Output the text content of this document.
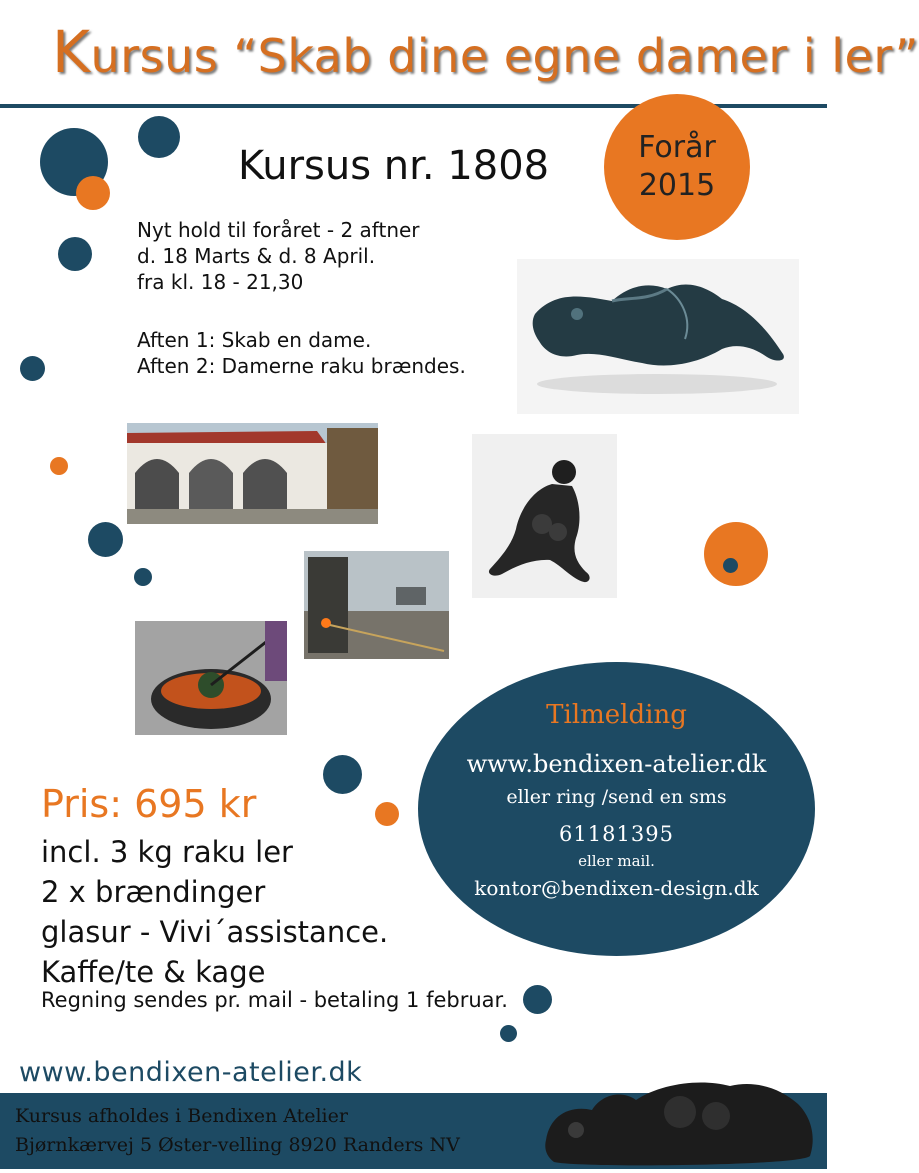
Kursus “Skab dine egne damer i ler”
Forår
2015
Kursus nr. 1808
Nyt hold til foråret - 2 aftner
d. 18 Marts & d. 8 April.
fra kl. 18 - 21,30
Aften 1: Skab en dame.
Aften 2: Damerne raku brændes.
Pris: 695 kr
incl. 3 kg raku ler
2 x brændinger
glasur - Vivi´assistance.
Kaffe/te & kage
Regning sendes pr. mail - betaling 1 februar.
Tilmelding
www.bendixen-atelier.dk
eller ring /send en sms
61181395
eller mail.
kontor@bendixen-design.dk
www.bendixen-atelier.dk
Kursus afholdes i Bendixen Atelier
Bjørnkærvej 5 Øster-velling 8920 Randers NV
